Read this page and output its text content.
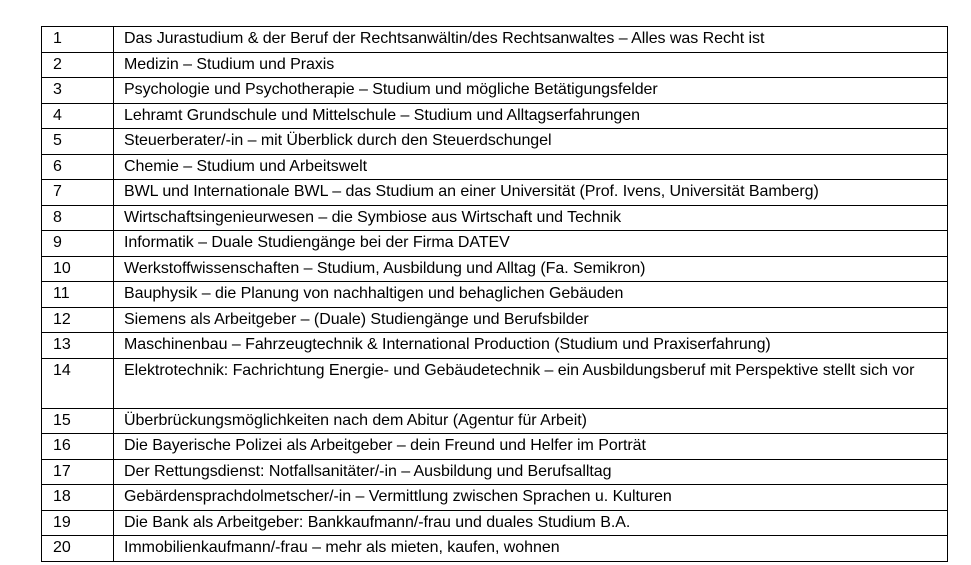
1	Das Jurastudium & der Beruf der Rechtsanwältin/des Rechtsanwaltes – Alles was Recht ist
2	Medizin – Studium und Praxis
3	Psychologie und Psychotherapie – Studium und mögliche Betätigungsfelder
4	Lehramt Grundschule und Mittelschule – Studium und Alltagserfahrungen
5	Steuerberater/-in – mit Überblick durch den Steuerdschungel
6	Chemie – Studium und Arbeitswelt
7	BWL und Internationale BWL – das Studium an einer Universität (Prof. Ivens, Universität Bamberg)
8	Wirtschaftsingenieurwesen – die Symbiose aus Wirtschaft und Technik
9	Informatik – Duale Studiengänge bei der Firma DATEV
10	Werkstoffwissenschaften – Studium, Ausbildung und Alltag (Fa. Semikron)
11	Bauphysik – die Planung von nachhaltigen und behaglichen Gebäuden
12	Siemens als Arbeitgeber – (Duale) Studiengänge und Berufsbilder
13	Maschinenbau – Fahrzeugtechnik & International Production (Studium und Praxiserfahrung)
14	Elektrotechnik: Fachrichtung Energie- und Gebäudetechnik – ein Ausbildungsberuf mit Perspektive stellt sich vor
15	Überbrückungsmöglichkeiten nach dem Abitur (Agentur für Arbeit)
16	Die Bayerische Polizei als Arbeitgeber – dein Freund und Helfer im Porträt
17	Der Rettungsdienst: Notfallsanitäter/-in – Ausbildung und Berufsalltag
18	Gebärdensprachdolmetscher/-in – Vermittlung zwischen Sprachen u. Kulturen
19	Die Bank als Arbeitgeber: Bankkaufmann/-frau und duales Studium B.A.
20	Immobilienkaufmann/-frau – mehr als mieten, kaufen, wohnen
